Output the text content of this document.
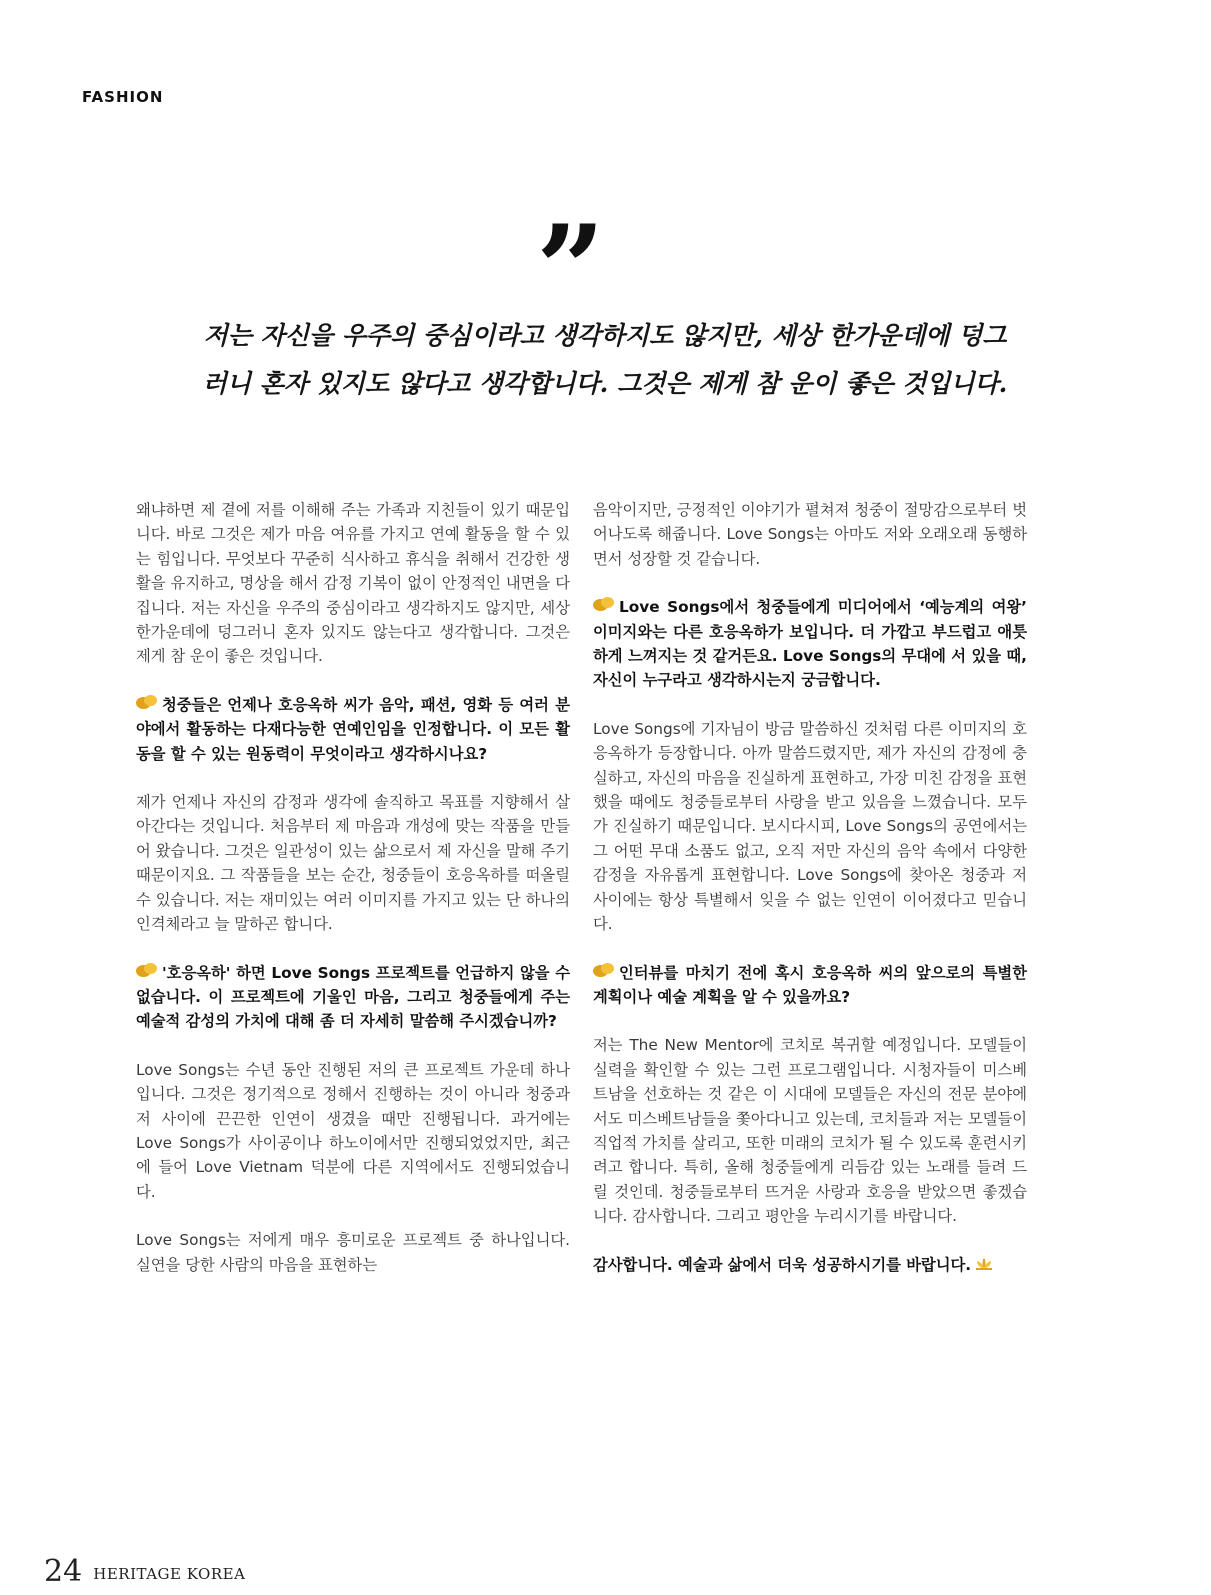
FASHION
”
저는 자신을 우주의 중심이라고 생각하지도 않지만, 세상 한가운데에 덩그
러니 혼자 있지도 않다고 생각합니다. 그것은 제게 참 운이 좋은 것입니다.

왜냐하면 제 곁에 저를 이해해 주는 가족과 지친들이 있기 때문입니다. 바로 그것은 제가 마음 여유를 가지고 연예 활동을 할 수 있는 힘입니다. 무엇보다 꾸준히 식사하고 휴식을 취해서 건강한 생활을 유지하고, 명상을 해서 감정 기복이 없이 안정적인 내면을 다집니다. 저는 자신을 우주의 중심이라고 생각하지도 않지만, 세상 한가운데에 덩그러니 혼자 있지도 않는다고 생각합니다. 그것은 제게 참 운이 좋은 것입니다.

청중들은 언제나 호응옥하 씨가 음악, 패션, 영화 등 여러 분야에서 활동하는 다재다능한 연예인임을 인정합니다. 이 모든 활동을 할 수 있는 원동력이 무엇이라고 생각하시나요?

제가 언제나 자신의 감정과 생각에 솔직하고 목표를 지향해서 살아간다는 것입니다. 처음부터 제 마음과 개성에 맞는 작품을 만들어 왔습니다. 그것은 일관성이 있는 삶으로서 제 자신을 말해 주기 때문이지요. 그 작품들을 보는 순간, 청중들이 호응옥하를 떠올릴 수 있습니다. 저는 재미있는 여러 이미지를 가지고 있는 단 하나의 인격체라고 늘 말하곤 합니다.

'호응옥하' 하면 Love Songs 프로젝트를 언급하지 않을 수 없습니다. 이 프로젝트에 기울인 마음, 그리고 청중들에게 주는 예술적 감성의 가치에 대해 좀 더 자세히 말씀해 주시겠습니까?

Love Songs는 수년 동안 진행된 저의 큰 프로젝트 가운데 하나입니다. 그것은 정기적으로 정해서 진행하는 것이 아니라 청중과 저 사이에 끈끈한 인연이 생겼을 때만 진행됩니다. 과거에는 Love Songs가 사이공이나 하노이에서만 진행되었었지만, 최근에 들어 Love Vietnam 덕분에 다른 지역에서도 진행되었습니다.

Love Songs는 저에게 매우 흥미로운 프로젝트 중 하나입니다. 실연을 당한 사람의 마음을 표현하는

음악이지만, 긍정적인 이야기가 펼쳐져 청중이 절망감으로부터 벗어나도록 해줍니다. Love Songs는 아마도 저와 오래오래 동행하면서 성장할 것 같습니다.

Love Songs에서 청중들에게 미디어에서 ‘예능계의 여왕’ 이미지와는 다른 호응옥하가 보입니다. 더 가깝고 부드럽고 애틋하게 느껴지는 것 같거든요. Love Songs의 무대에 서 있을 때, 자신이 누구라고 생각하시는지 궁금합니다.

Love Songs에 기자님이 방금 말씀하신 것처럼 다른 이미지의 호응옥하가 등장합니다. 아까 말씀드렸지만, 제가 자신의 감정에 충실하고, 자신의 마음을 진실하게 표현하고, 가장 미친 감정을 표현했을 때에도 청중들로부터 사랑을 받고 있음을 느꼈습니다. 모두가 진실하기 때문입니다. 보시다시피, Love Songs의 공연에서는 그 어떤 무대 소품도 없고, 오직 저만 자신의 음악 속에서 다양한 감정을 자유롭게 표현합니다. Love Songs에 찾아온 청중과 저 사이에는 항상 특별해서 잊을 수 없는 인연이 이어졌다고 믿습니다.

인터뷰를 마치기 전에 혹시 호응옥하 씨의 앞으로의 특별한 계획이나 예술 계획을 알 수 있을까요?

저는 The New Mentor에 코치로 복귀할 예정입니다. 모델들이 실력을 확인할 수 있는 그런 프로그램입니다. 시청자들이 미스베트남을 선호하는 것 같은 이 시대에 모델들은 자신의 전문 분야에서도 미스베트남들을 쫓아다니고 있는데, 코치들과 저는 모델들이 직업적 가치를 살리고, 또한 미래의 코치가 될 수 있도록 훈련시키려고 합니다. 특히, 올해 청중들에게 리듬감 있는 노래를 들려 드릴 것인데. 청중들로부터 뜨거운 사랑과 호응을 받았으면 좋겠습니다. 감사합니다. 그리고 평안을 누리시기를 바랍니다.

감사합니다. 예술과 삶에서 더욱 성공하시기를 바랍니다.

24 HERITAGE KOREA
